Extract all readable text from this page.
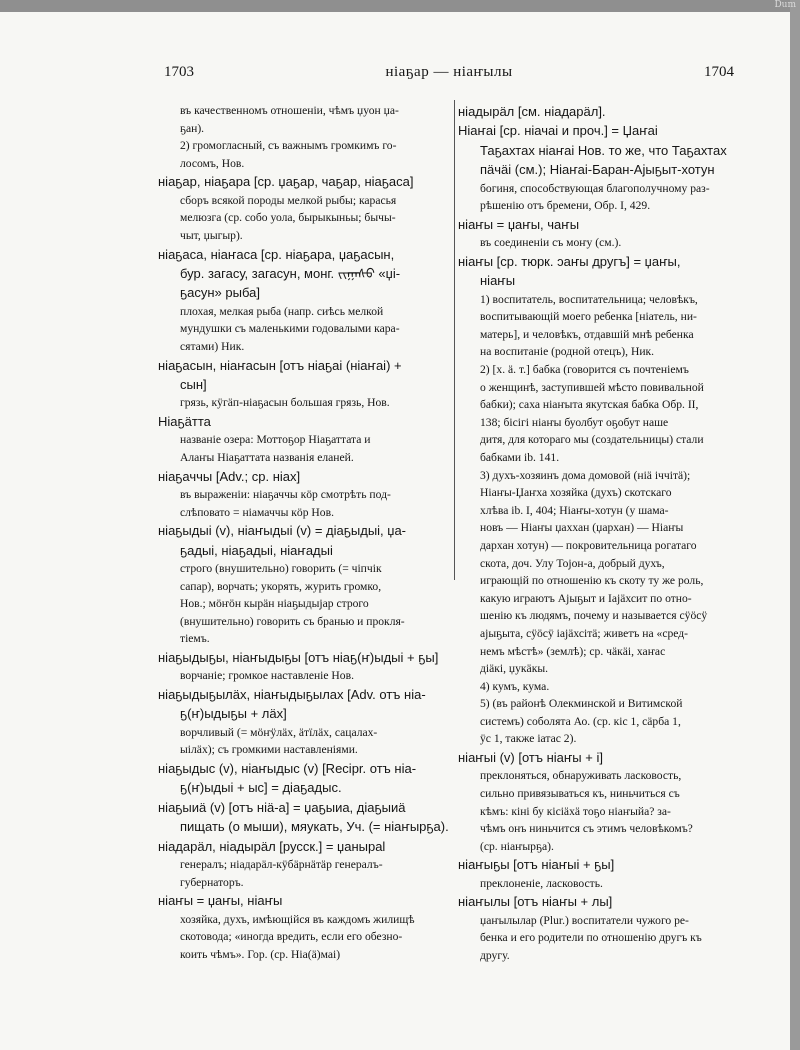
Dum
1703	ніаҕар — ніаҥылы	1704
въ качественномъ отношеніи, чѣмъ џуон џа-
ҕан).
2) громогласный, съ важнымъ громкимъ го-
лосомъ, Нов.
ніаҕар, ніаҕара [ср. џаҕар, чаҕар, ніаҕаса]
сборъ всякой породы мелкой рыбы; карасья
мелюзга (ср. собо уола, бырыкыньы; бычы-
чыт, џыгыр).
ніаҕаса, ніаҥаса [ср. ніаҕара, џаҕасын,
бур. загасу, загасун, монг. ᠵᠢᠭᠠᠰᠤ «џі-
ҕасун» рыба]
плохая, мелкая рыба (напр. сиѣсь мелкой
мундушки съ маленькими годовалыми кара-
сятами) Ник.
ніаҕасын, ніаҥасын [отъ ніаҕаі (ніаҥаі) +
сын]
грязь, кӱгäп-ніаҕасын большая грязь, Нов.
Ніаҕäтта
названіе озера: Моттоҕор Ніаҕаттата и
Алаҥы Ніаҕаттата названія еланей.
ніаҕаччы [Adv.; ср. ніах]
въ выраженіи: ніаҕаччы кöр смотрѣть под-
слѣповато = ніамаччы кöр Нов.
ніаҕыдыі (v), ніаҥыдыі (v) = діаҕыдыі, џа-
ҕадыі, ніаҕадыі, ніаҥадыі
строго (внушительно) говорить (= чіпчік
сапар), ворчать; укорять, журить громко,
Нов.; мöҥöн кырäн ніаҕыдыјар строго
(внушительно) говорить съ бранью и прокля-
тіемъ.
ніаҕыдыҕы, ніаҥыдыҕы [отъ ніаҕ(ҥ)ыдыі + ҕы]
ворчаніе; громкое наставленіе Нов.
ніаҕыдыҕылäх, ніаҥыдыҕылах [Adv. отъ ніа-
ҕ(ҥ)ыдыҕы + лäх]
ворчливый (= мöҥӱлäх, äтïлäх, сацалах-
ыілäх); съ громкими наставленіями.
ніаҕыдыс (v), ніаҥыдыс (v) [Recipr. отъ ніа-
ҕ(ҥ)ыдыі + ыс] = діаҕадыс.
ніаҕыиä (v) [отъ ніä-а] = џаҕыиа, діаҕыиä
пищать (о мыши), мяукать, Уч. (= ніаҥырҕа).
ніадарäл, ніадырäл [русск.] = џаныраl
генералъ; ніадарäл-кӱбäрнäтäр генералъ-
губернаторъ.
ніаҥы = џаҥы, ніаҥы
хозяйка, духъ, имѣющійся въ каждомъ жилищѣ
скотовода; «иногда вредить, если его обезно-
коить чѣмъ». Гор. (ср. Ніа(ä)маі)
ніадырäл [см. ніадарäл].
Ніаҥаі [ср. ніачаі и проч.] = Џаҥаі
Таҕахтах ніаҥаі Нов. то же, что Таҕахтах
пäчäі (см.); Ніаҥаі-Баран-Ајыҕыт-хотун
богиня, способствующая благополучному раз-
рѣшенію отъ бремени, Обр. I, 429.
ніаҥы = џаҥы, чаҥы
въ соединеніи съ моҥу (см.).
ніаҥы [ср. тюрк. ɔаҥы другъ] = џаҥы,
ніаҥы
1) воспитатель, воспитательница; человѣкъ,
воспитывающій моего ребенка [ніатель, ни-
матерь], и человѣкъ, отдавшій мнѣ ребенка
на воспитаніе (родной отецъ), Ник.
2) [х. ä. т.] бабка (говорится съ почтеніемъ
о женщинѣ, заступившей мѣсто повивальной
бабки); саха ніаҥыта якутская бабка Обр. II,
138; бісігі ніаҥы буолбут оҕобут наше
дитя, для котораго мы (создательницы) стали
бабками ib. 141.
3) духъ-хозяинъ дома домовой (ніä іччітä);
Ніаҥы-Џаҥха хозяйка (духъ) скотскаго
хлѣва ib. I, 404; Ніаҥы-хотун (у шама-
новъ — Ніаҥы џаххан (џархан) — Ніаҥы
дархан хотун) — покровительница рогатаго
скота, доч. Улу Тојон-а, добрый духъ,
играющій по отношенію къ скоту ту же роль,
какую играютъ Ајыҕыт и Іајäхсит по отно-
шенію къ людямъ, почему и называется сӱöсӱ
ајыҕыта, сӱöсӱ іајäхсітä; живетъ на «сред-
немъ мѣстѣ» (землѣ); ср. чäкäі, хаҥас
діäкі, џукäкы.
4) кумъ, кума.
5) (въ районѣ Олекминской и Витимской
системъ) соболята Ао. (ср. кіс 1, сäрба 1,
ӱс 1, также іатас 2).
ніаҥыі (v) [отъ ніаҥы + і]
преклоняться, обнаруживать ласковость,
сильно привязываться къ, ниньчиться съ
кѣмъ: кіні бу кісіäхä тоҕо ніаҥыйа? за-
чѣмъ онъ ниньчится съ этимъ человѣкомъ?
(ср. ніаҥырҕа).
ніаҥыҕы [отъ ніаҥыі + ҕы]
преклоненіе, ласковость.
ніаҥылы [отъ ніаҥы + лы]
џаҥылылар (Plur.) воспитатели чужого ре-
бенка и его родители по отношенію другъ къ
другу.
